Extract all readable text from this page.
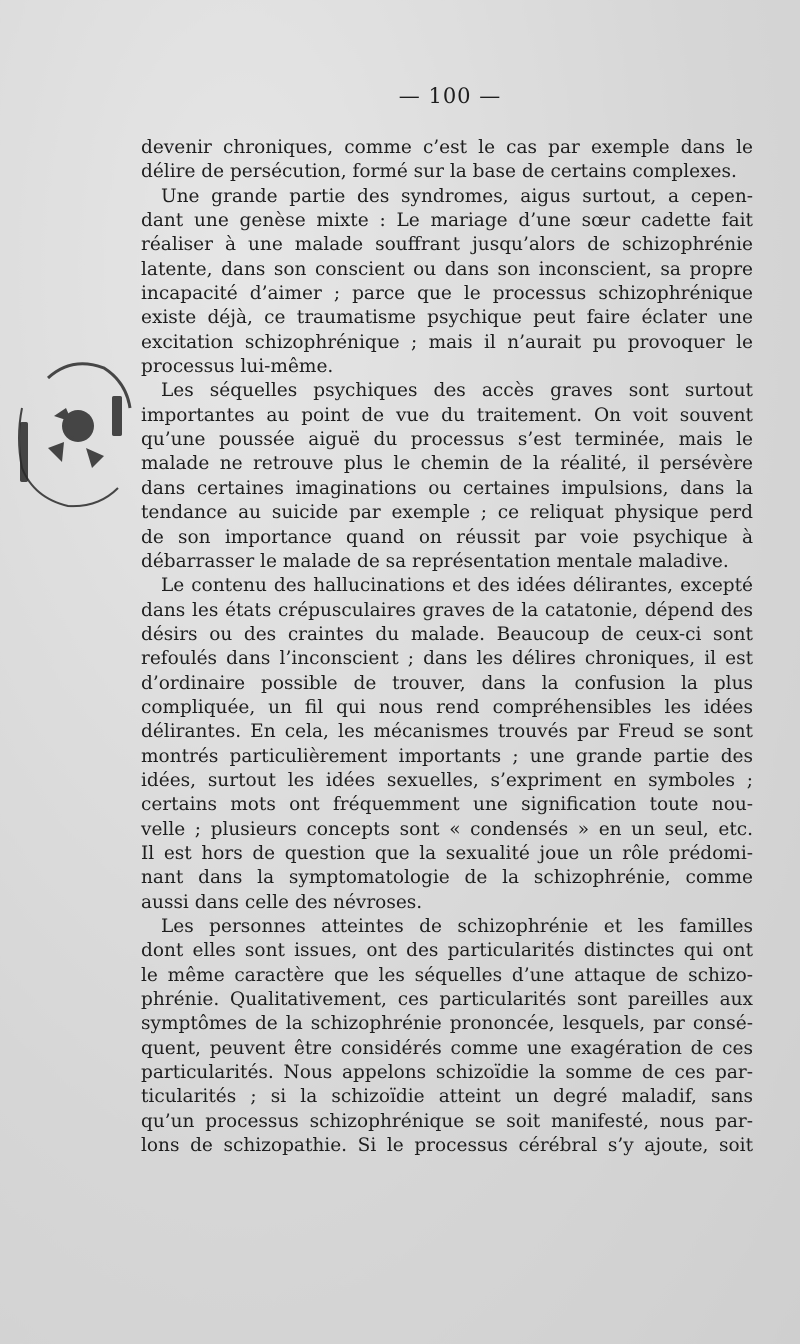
— 100 —
devenir chroniques, comme c’est le cas par exemple dans le
délire de persécution, formé sur la base de certains complexes.
Une grande partie des syndromes, aigus surtout, a cepen-
dant une genèse mixte : Le mariage d’une sœur cadette fait
réaliser à une malade souffrant jusqu’alors de schizophrénie
latente, dans son conscient ou dans son inconscient, sa propre
incapacité d’aimer ; parce que le processus schizophrénique
existe déjà, ce traumatisme psychique peut faire éclater une
excitation schizophrénique ; mais il n’aurait pu provoquer le
processus lui-même.
Les séquelles psychiques des accès graves sont surtout
importantes au point de vue du traitement. On voit souvent
qu’une poussée aiguë du processus s’est terminée, mais le
malade ne retrouve plus le chemin de la réalité, il persévère
dans certaines imaginations ou certaines impulsions, dans la
tendance au suicide par exemple ; ce reliquat physique perd
de son importance quand on réussit par voie psychique à
débarrasser le malade de sa représentation mentale maladive.
Le contenu des hallucinations et des idées délirantes, excepté
dans les états crépusculaires graves de la catatonie, dépend des
désirs ou des craintes du malade. Beaucoup de ceux-ci sont
refoulés dans l’inconscient ; dans les délires chroniques, il est
d’ordinaire possible de trouver, dans la confusion la plus
compliquée, un fil qui nous rend compréhensibles les idées
délirantes. En cela, les mécanismes trouvés par Freud se sont
montrés particulièrement importants ; une grande partie des
idées, surtout les idées sexuelles, s’expriment en symboles ;
certains mots ont fréquemment une signification toute nou-
velle ; plusieurs concepts sont « condensés » en un seul, etc.
Il est hors de question que la sexualité joue un rôle prédomi-
nant dans la symptomatologie de la schizophrénie, comme
aussi dans celle des névroses.
Les personnes atteintes de schizophrénie et les familles
dont elles sont issues, ont des particularités distinctes qui ont
le même caractère que les séquelles d’une attaque de schizo-
phrénie. Qualitativement, ces particularités sont pareilles aux
symptômes de la schizophrénie prononcée, lesquels, par consé-
quent, peuvent être considérés comme une exagération de ces
particularités. Nous appelons schizoïdie la somme de ces par-
ticularités ; si la schizoïdie atteint un degré maladif, sans
qu’un processus schizophrénique se soit manifesté, nous par-
lons de schizopathie. Si le processus cérébral s’y ajoute, soit
